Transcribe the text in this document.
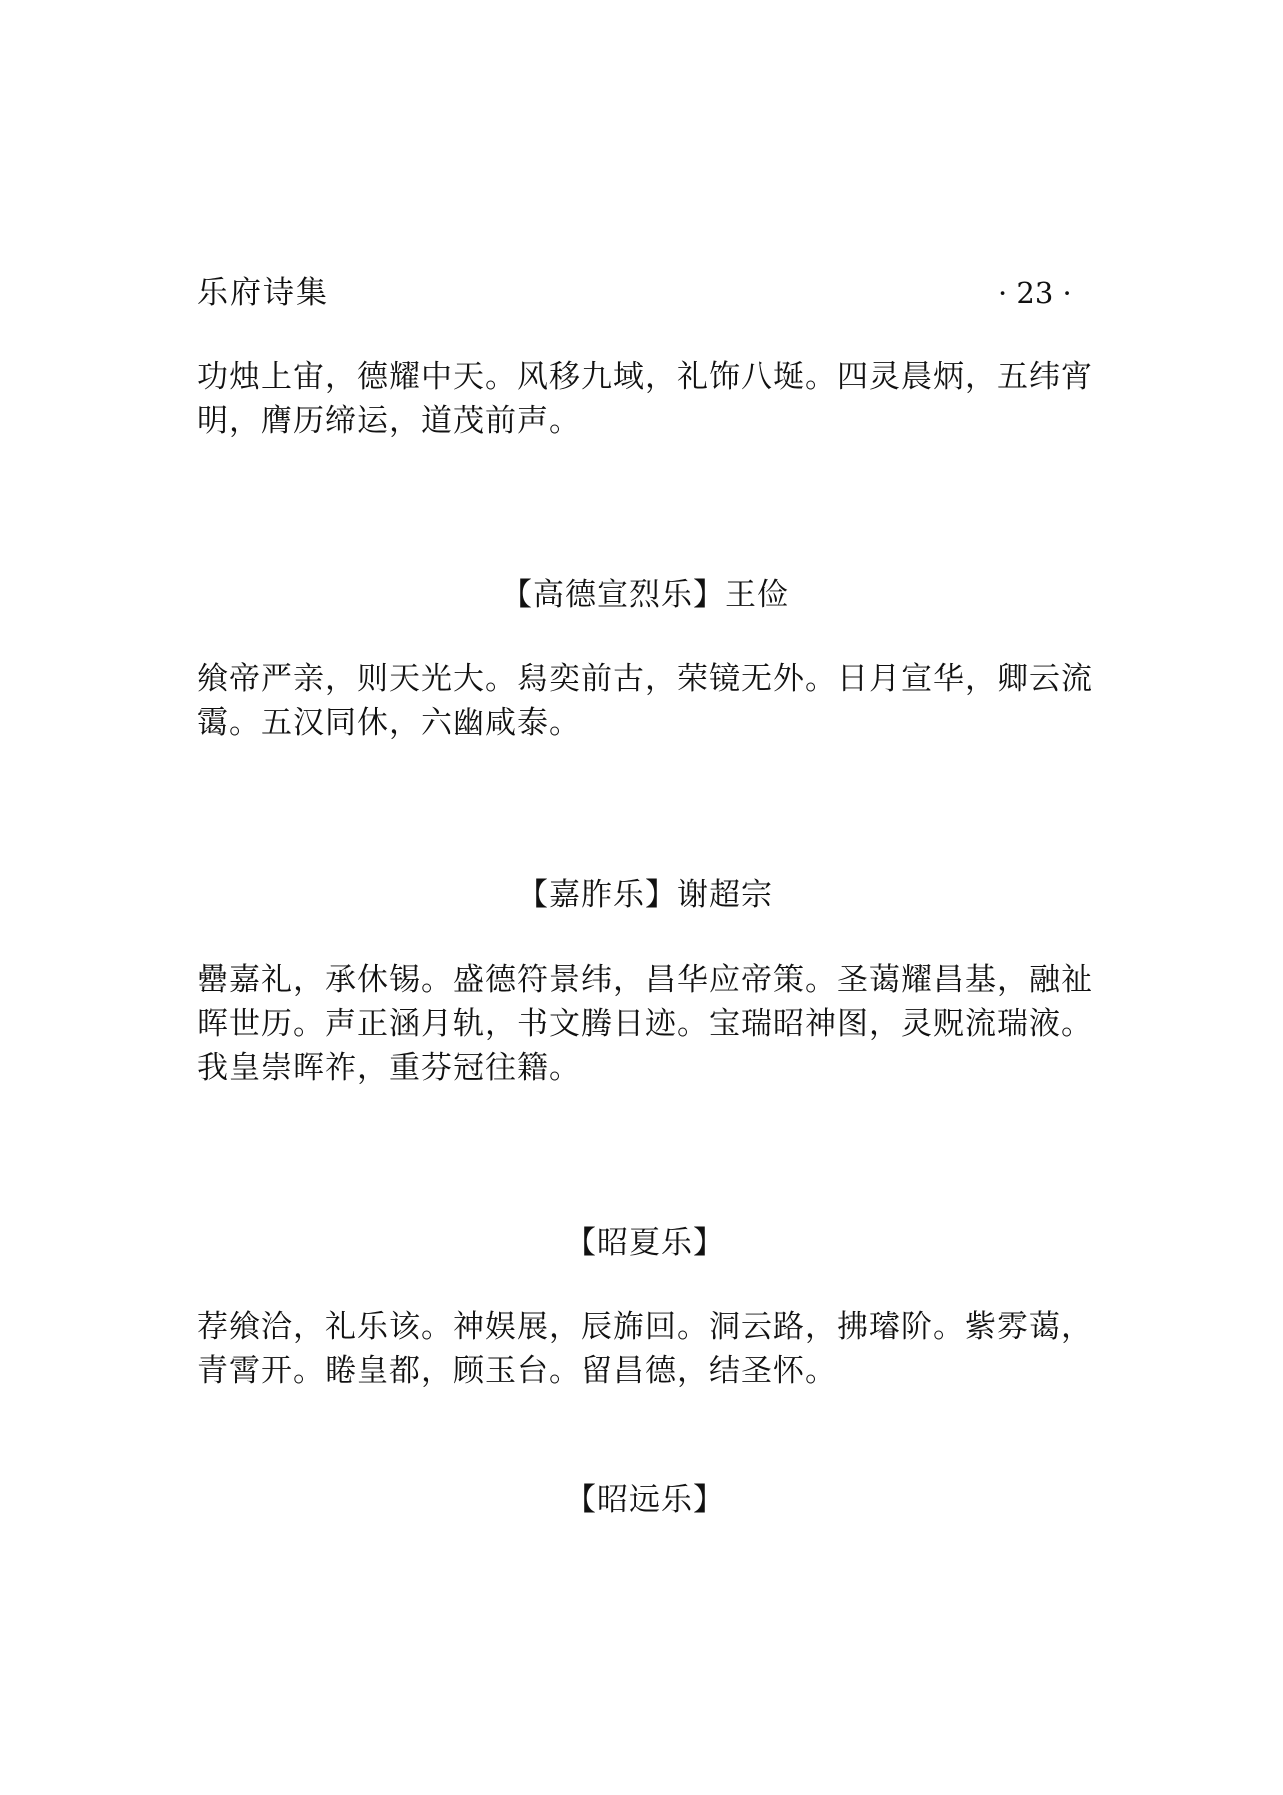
乐府诗集	· 23 ·
功烛上宙，德耀中天。风移九域，礼饰八埏。四灵晨炳，五纬宵明，膺历缔运，道茂前声。
【高德宣烈乐】王俭
飨帝严亲，则天光大。舄奕前古，荣镜无外。日月宣华，卿云流霭。五汉同休，六幽咸泰。
【嘉胙乐】谢超宗
罍嘉礼，承休锡。盛德符景纬，昌华应帝策。圣蔼耀昌基，融祉晖世历。声正涵月轨，书文腾日迹。宝瑞昭神图，灵贶流瑞液。我皇崇晖祚，重芬冠往籍。
【昭夏乐】
荐飨洽，礼乐该。神娱展，辰旆回。洞云路，拂璿阶。紫雰蔼，青霄开。睠皇都，顾玉台。留昌德，结圣怀。
【昭远乐】
